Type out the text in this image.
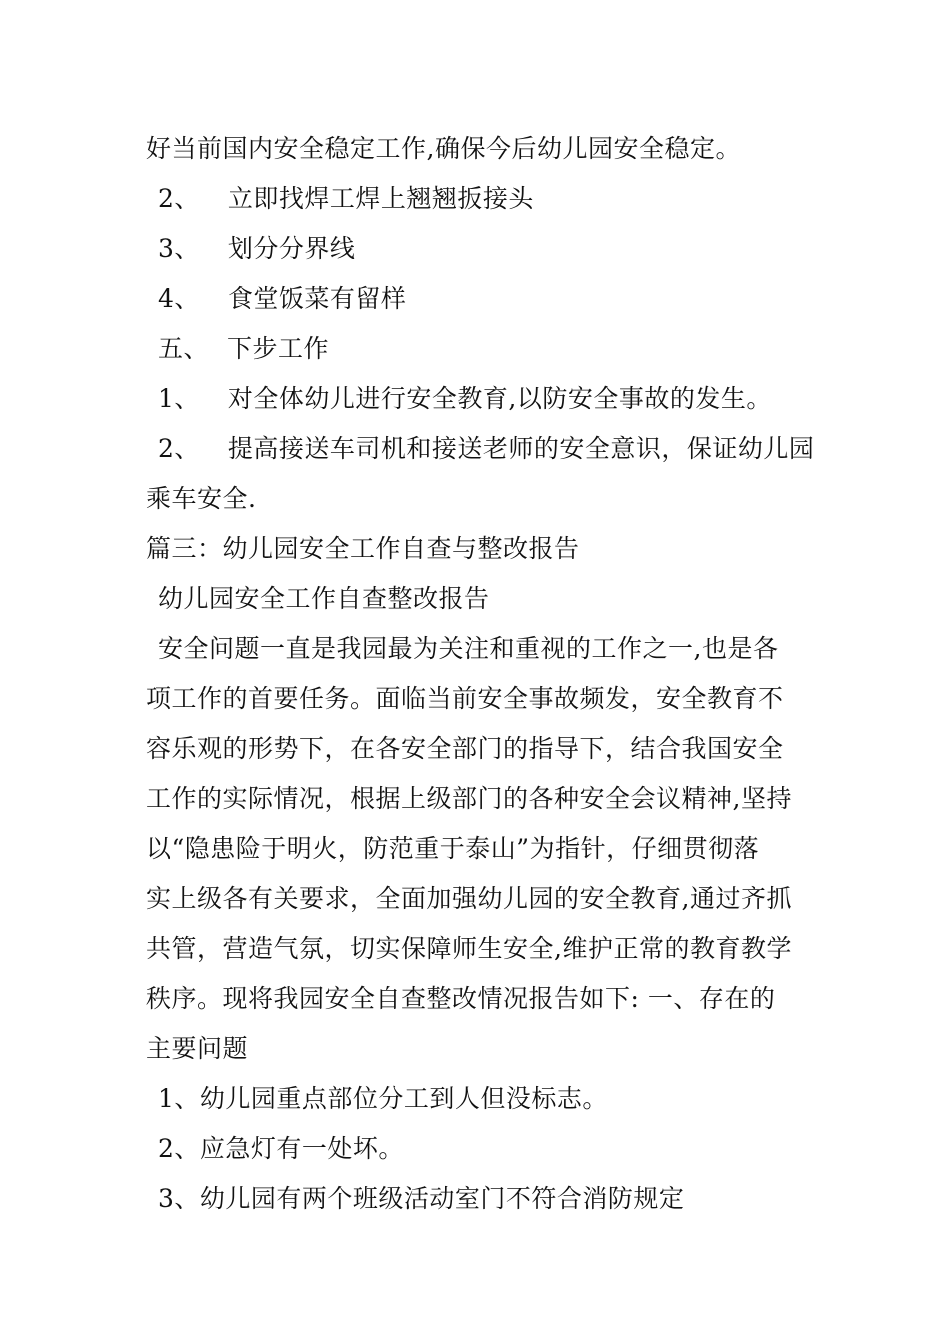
好当前国内安全稳定工作,确保今后幼儿园安全稳定。
2、 立即找焊工焊上翘翘扳接头
3、 划分分界线
4、 食堂饭菜有留样
五、 下步工作
1、 对全体幼儿进行安全教育,以防安全事故的发生。
2、 提高接送车司机和接送老师的安全意识，保证幼儿园
乘车安全.
篇三：幼儿园安全工作自查与整改报告
幼儿园安全工作自查整改报告
安全问题一直是我园最为关注和重视的工作之一,也是各
项工作的首要任务。面临当前安全事故频发，安全教育不
容乐观的形势下，在各安全部门的指导下，结合我国安全
工作的实际情况，根据上级部门的各种安全会议精神,坚持
以“隐患险于明火，防范重于泰山”为指针，仔细贯彻落
实上级各有关要求，全面加强幼儿园的安全教育,通过齐抓
共管，营造气氛，切实保障师生安全,维护正常的教育教学
秩序。现将我园安全自查整改情况报告如下: 一、存在的
主要问题
1、幼儿园重点部位分工到人但没标志。
2、应急灯有一处坏。
3、幼儿园有两个班级活动室门不符合消防规定
